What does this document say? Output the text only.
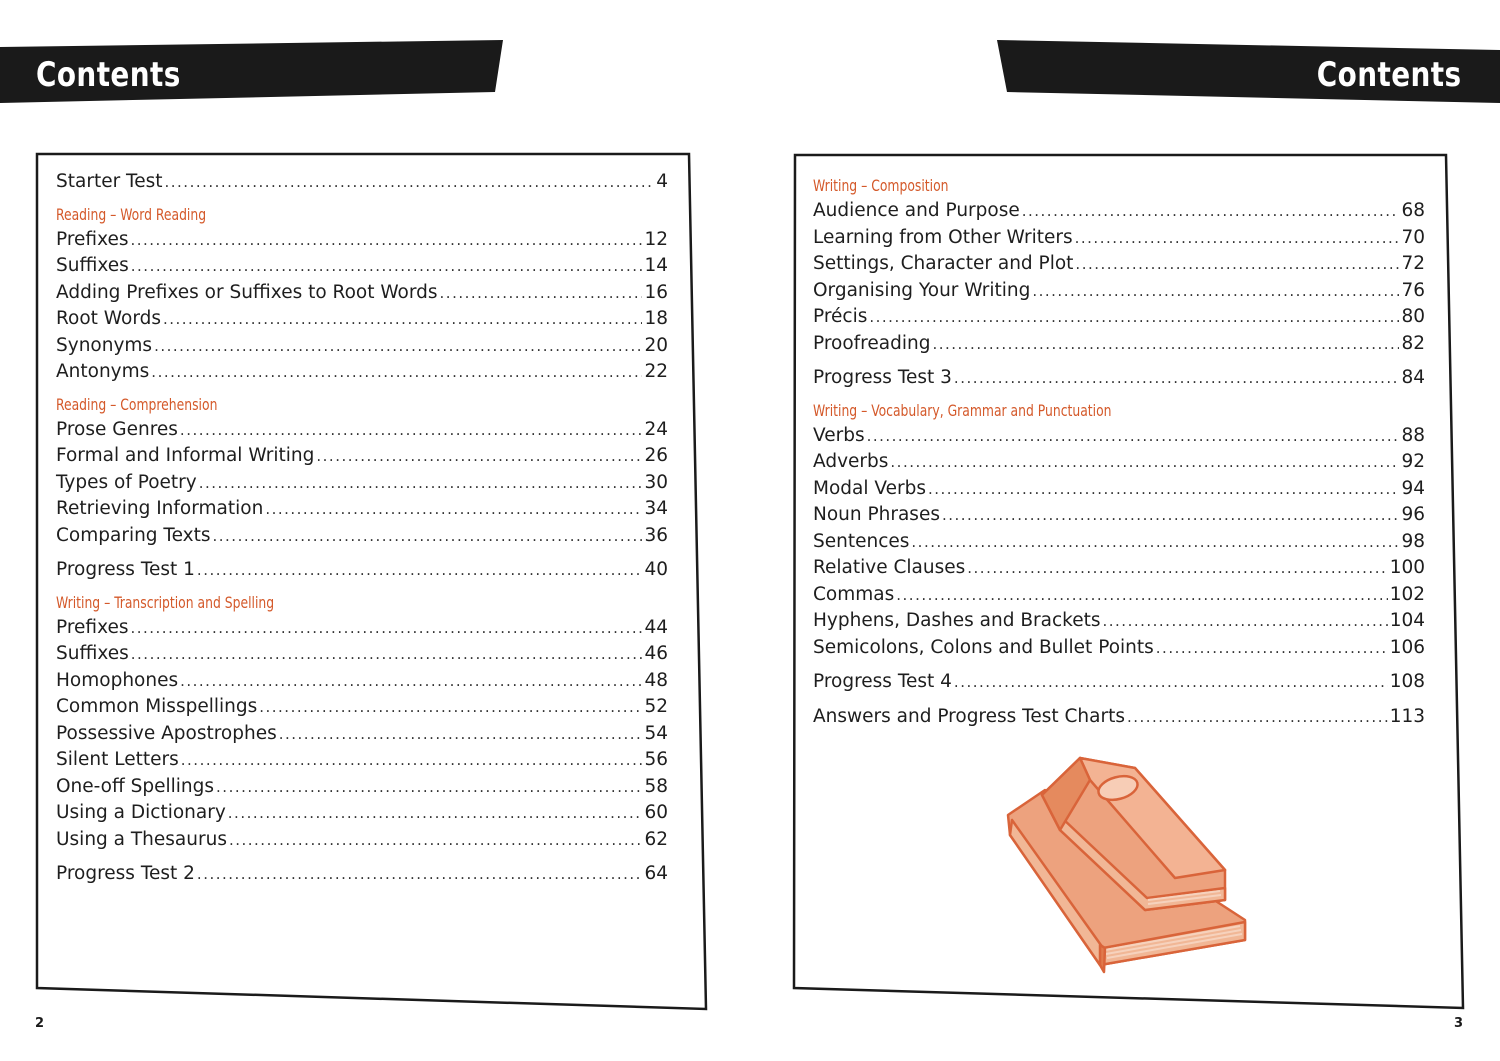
Contents	Contents
Starter Test .....	4
Reading – Word Reading
Prefixes .....	12
Suffixes .....	14
Adding Prefixes or Suffixes to Root Words .....	16
Root Words .....	18
Synonyms .....	20
Antonyms .....	22
Reading – Comprehension
Prose Genres .....	24
Formal and Informal Writing .....	26
Types of Poetry .....	30
Retrieving Information .....	34
Comparing Texts .....	36
Progress Test 1 .....	40
Writing – Transcription and Spelling
Prefixes .....	44
Suffixes .....	46
Homophones .....	48
Common Misspellings .....	52
Possessive Apostrophes .....	54
Silent Letters .....	56
One-off Spellings .....	58
Using a Dictionary .....	60
Using a Thesaurus .....	62
Progress Test 2 .....	64
Writing – Composition
Audience and Purpose .....	68
Learning from Other Writers .....	70
Settings, Character and Plot .....	72
Organising Your Writing .....	76
Précis .....	80
Proofreading .....	82
Progress Test 3 .....	84
Writing – Vocabulary, Grammar and Punctuation
Verbs .....	88
Adverbs .....	92
Modal Verbs .....	94
Noun Phrases .....	96
Sentences .....	98
Relative Clauses .....	100
Commas .....	102
Hyphens, Dashes and Brackets .....	104
Semicolons, Colons and Bullet Points .....	106
Progress Test 4 .....	108
Answers and Progress Test Charts .....	113
2	3
